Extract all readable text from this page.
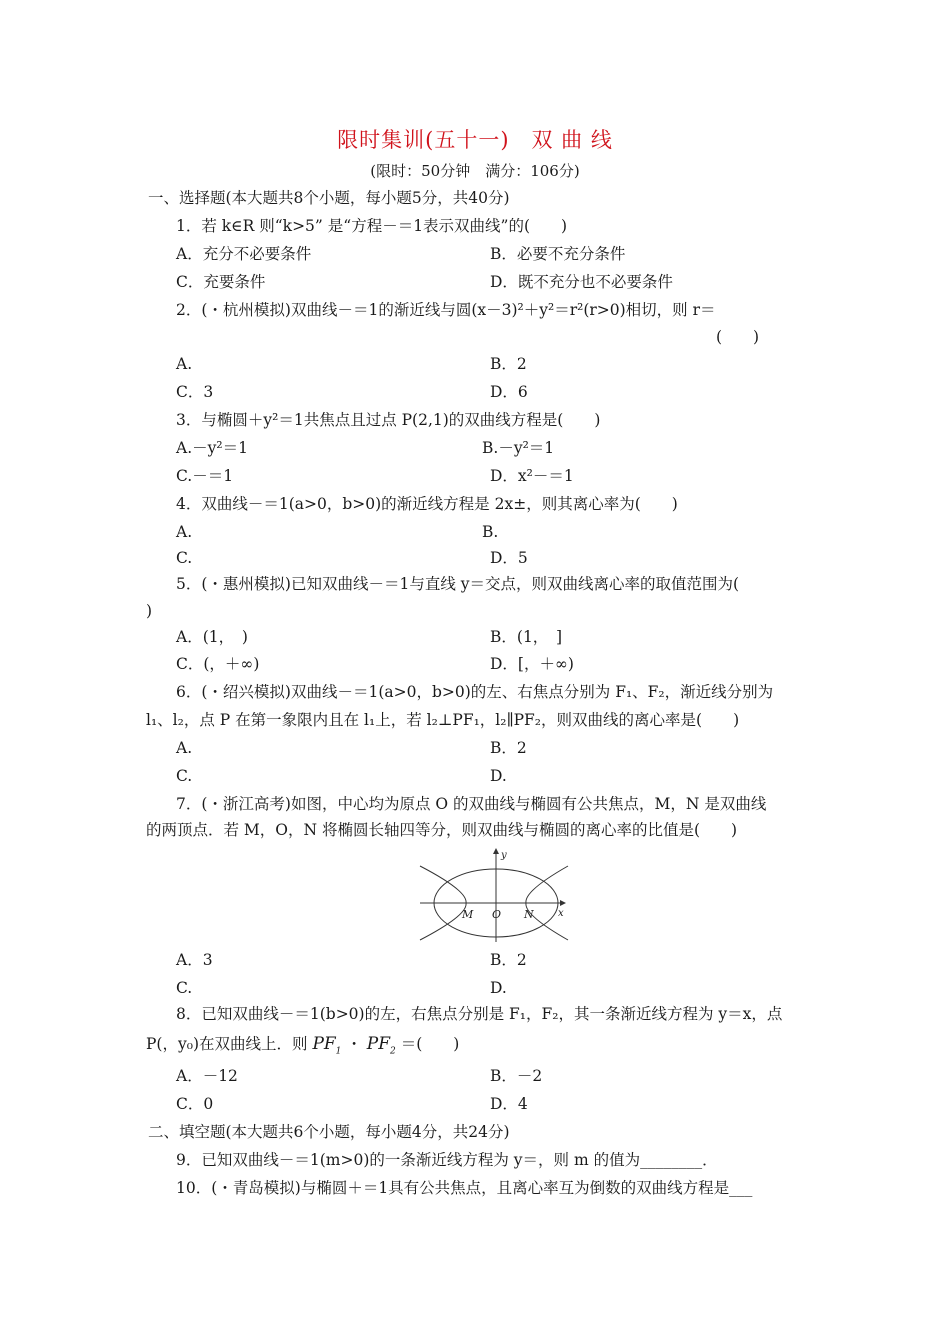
限时集训(五十一)　双 曲 线
(限时：50分钟　满分：106分)
一、选择题(本大题共8个小题，每小题5分，共40分)
1．若 k∈R 则“k>5” 是“方程－＝1表示双曲线”的(　　)
A．充分不必要条件	B．必要不充分条件
C．充要条件	D．既不充分也不必要条件
2．(・杭州模拟)双曲线－＝1的渐近线与圆(x－3)²＋y²＝r²(r>0)相切，则 r＝
(　　)
A.	B．2
C．3	D．6
3．与椭圆＋y²＝1共焦点且过点 P(2,1)的双曲线方程是(　　)
A.－y²＝1	B.－y²＝1
C.－＝1	D．x²－＝1
4．双曲线－＝1(a>0，b>0)的渐近线方程是 2x±，则其离心率为(　　)
A.	B.
C.	D．5
5．(・惠州模拟)已知双曲线－＝1与直线 y＝交点，则双曲线离心率的取值范围为(
)
A．(1，　)	B．(1，　]
C．(，＋∞)	D．[，＋∞)
6．(・绍兴模拟)双曲线－＝1(a>0，b>0)的左、右焦点分别为 F₁、F₂，渐近线分别为
l₁、l₂，点 P 在第一象限内且在 l₁上，若 l₂⊥PF₁，l₂∥PF₂，则双曲线的离心率是(　　)
A.	B．2
C.	D.
7．(・浙江高考)如图，中心均为原点 O 的双曲线与椭圆有公共焦点，M，N 是双曲线
的两顶点．若 M，O，N 将椭圆长轴四等分，则双曲线与椭圆的离心率的比值是(　　)
y
x
M O N
A．3	B．2
C.	D.
8．已知双曲线－＝1(b>0)的左，右焦点分别是 F₁，F₂，其一条渐近线方程为 y＝x，点
P(，y₀)在双曲线上．则 $PF_1$ ・ $PF_2$ ＝(　　)
A．－12	B．－2
C．0	D．4
二、填空题(本大题共6个小题，每小题4分，共24分)
9．已知双曲线－＝1(m>0)的一条渐近线方程为 y＝，则 m 的值为________．
10．(・青岛模拟)与椭圆＋＝1具有公共焦点，且离心率互为倒数的双曲线方程是___
